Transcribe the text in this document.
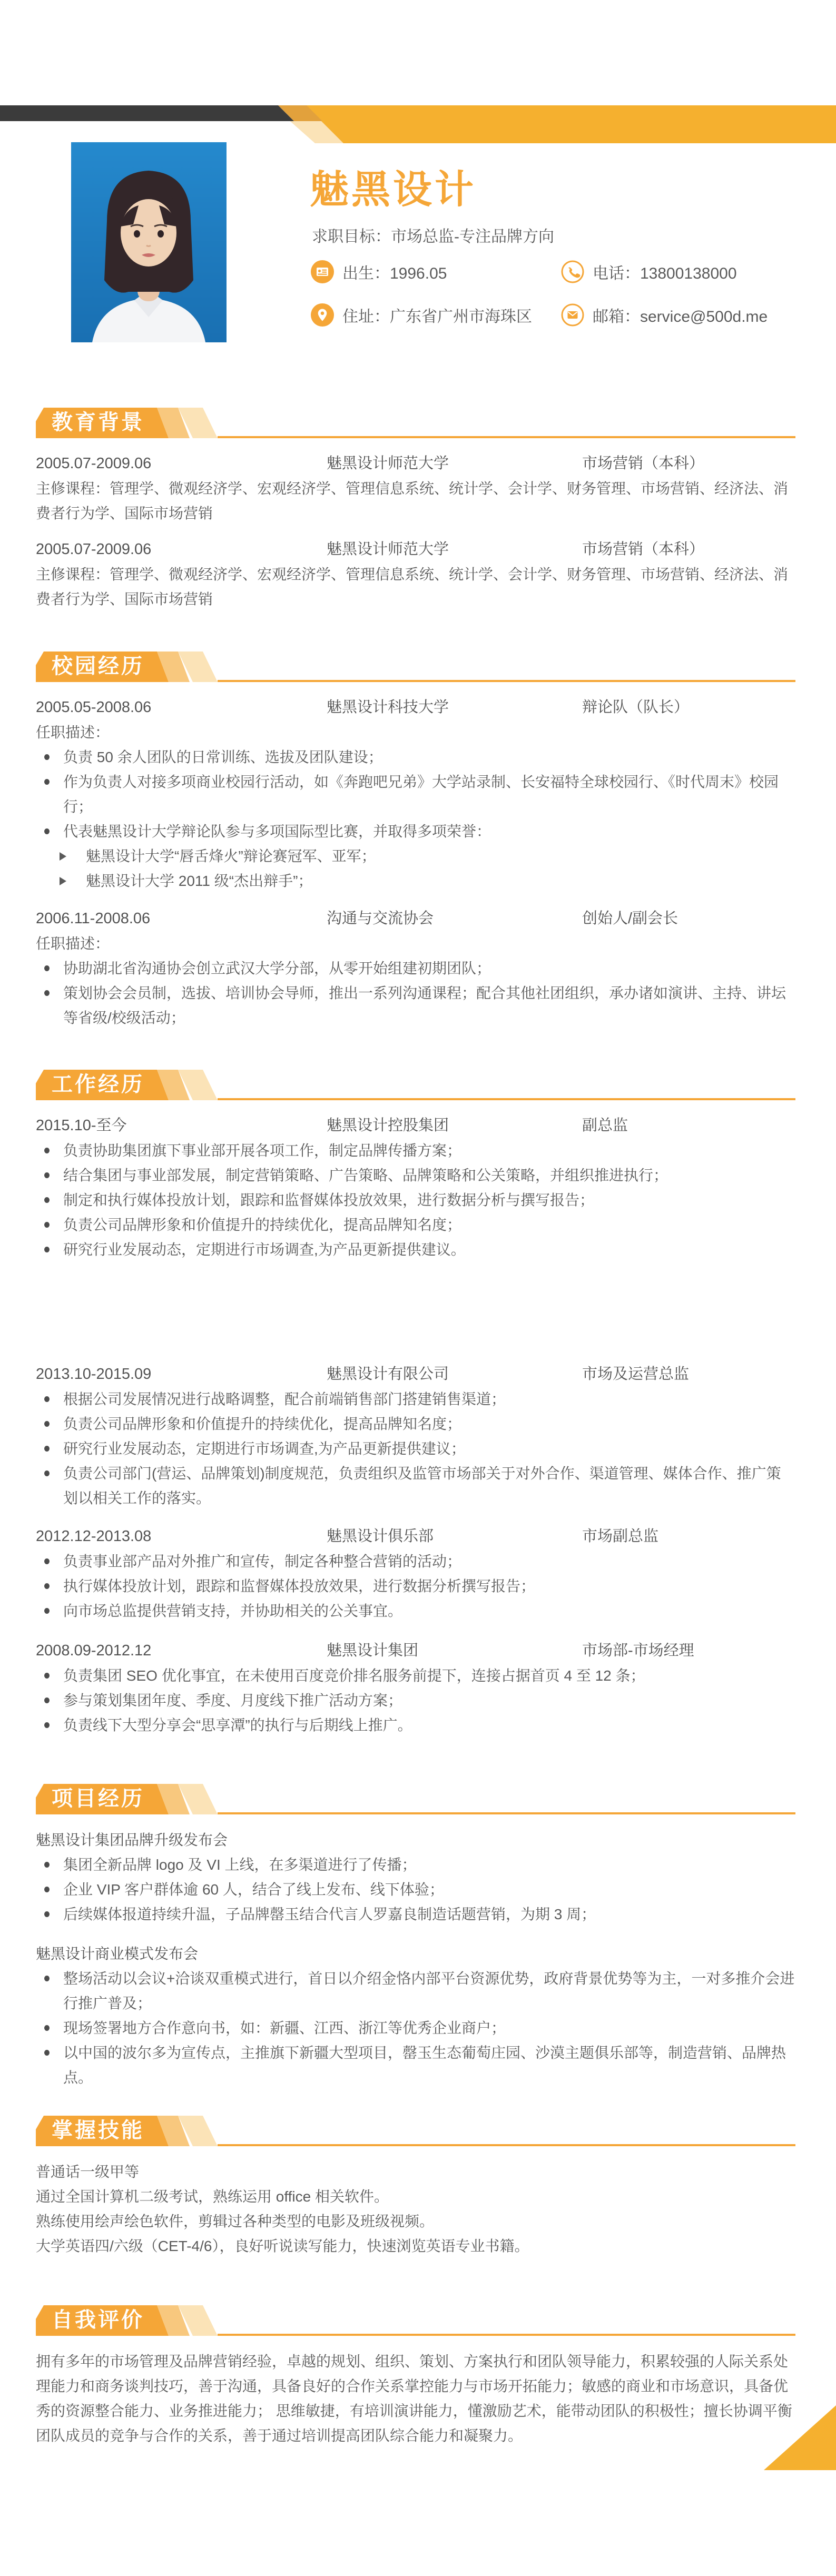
魅黑设计
求职目标：市场总监-专注品牌方向
出生：1996.05	电话：13800138000
住址：广东省广州市海珠区	邮箱：service@500d.me
教育背景
2005.07-2009.06	魅黑设计师范大学	市场营销（本科）
主修课程：管理学、微观经济学、宏观经济学、管理信息系统、统计学、会计学、财务管理、市场营销、经济法、消费者行为学、国际市场营销
2005.07-2009.06	魅黑设计师范大学	市场营销（本科）
主修课程：管理学、微观经济学、宏观经济学、管理信息系统、统计学、会计学、财务管理、市场营销、经济法、消费者行为学、国际市场营销
校园经历
2005.05-2008.06	魅黑设计科技大学	辩论队（队长）
任职描述：
负责 50 余人团队的日常训练、选拔及团队建设；
作为负责人对接多项商业校园行活动，如《奔跑吧兄弟》大学站录制、长安福特全球校园行、《时代周末》校园行；
代表魅黑设计大学辩论队参与多项国际型比赛，并取得多项荣誉：
魅黑设计大学“唇舌烽火”辩论赛冠军、亚军；
魅黑设计大学 2011 级“杰出辩手”；
2006.11-2008.06	沟通与交流协会	创始人/副会长
任职描述：
协助湖北省沟通协会创立武汉大学分部，从零开始组建初期团队；
策划协会会员制，选拔、培训协会导师，推出一系列沟通课程；配合其他社团组织，承办诸如演讲、主持、讲坛等省级/校级活动；
工作经历
2015.10-至今	魅黑设计控股集团	副总监
负责协助集团旗下事业部开展各项工作，制定品牌传播方案；
结合集团与事业部发展，制定营销策略、广告策略、品牌策略和公关策略，并组织推进执行；
制定和执行媒体投放计划，跟踪和监督媒体投放效果，进行数据分析与撰写报告；
负责公司品牌形象和价值提升的持续优化，提高品牌知名度；
研究行业发展动态，定期进行市场调查,为产品更新提供建议。
2013.10-2015.09	魅黑设计有限公司	市场及运营总监
根据公司发展情况进行战略调整，配合前端销售部门搭建销售渠道；
负责公司品牌形象和价值提升的持续优化，提高品牌知名度；
研究行业发展动态，定期进行市场调查,为产品更新提供建议；
负责公司部门(营运、品牌策划)制度规范，负责组织及监管市场部关于对外合作、渠道管理、媒体合作、推广策划以相关工作的落实。
2012.12-2013.08	魅黑设计俱乐部	市场副总监
负责事业部产品对外推广和宣传，制定各种整合营销的活动；
执行媒体投放计划，跟踪和监督媒体投放效果，进行数据分析撰写报告；
向市场总监提供营销支持，并协助相关的公关事宜。
2008.09-2012.12	魅黑设计集团	市场部-市场经理
负责集团 SEO 优化事宜，在未使用百度竞价排名服务前提下，连接占据首页 4 至 12 条；
参与策划集团年度、季度、月度线下推广活动方案；
负责线下大型分享会“思享潭”的执行与后期线上推广。
项目经历
魅黑设计集团品牌升级发布会
集团全新品牌 logo 及 VI 上线，在多渠道进行了传播；
企业 VIP 客户群体逾 60 人，结合了线上发布、线下体验；
后续媒体报道持续升温，子品牌罄玉结合代言人罗嘉良制造话题营销，为期 3 周；
魅黑设计商业模式发布会
整场活动以会议+洽谈双重模式进行，首日以介绍金恪内部平台资源优势，政府背景优势等为主，一对多推介会进行推广普及；
现场签署地方合作意向书，如：新疆、江西、浙江等优秀企业商户；
以中国的波尔多为宣传点，主推旗下新疆大型项目，罄玉生态葡萄庄园、沙漠主题俱乐部等，制造营销、品牌热点。
掌握技能
普通话一级甲等
通过全国计算机二级考试，熟练运用 office 相关软件。
熟练使用绘声绘色软件，剪辑过各种类型的电影及班级视频。
大学英语四/六级（CET-4/6），良好听说读写能力，快速浏览英语专业书籍。
自我评价
拥有多年的市场管理及品牌营销经验，卓越的规划、组织、策划、方案执行和团队领导能力，积累较强的人际关系处理能力和商务谈判技巧，善于沟通，具备良好的合作关系掌控能力与市场开拓能力；敏感的商业和市场意识，具备优秀的资源整合能力、业务推进能力； 思维敏捷，有培训演讲能力，懂激励艺术，能带动团队的积极性；擅长协调平衡团队成员的竞争与合作的关系，善于通过培训提高团队综合能力和凝聚力。
